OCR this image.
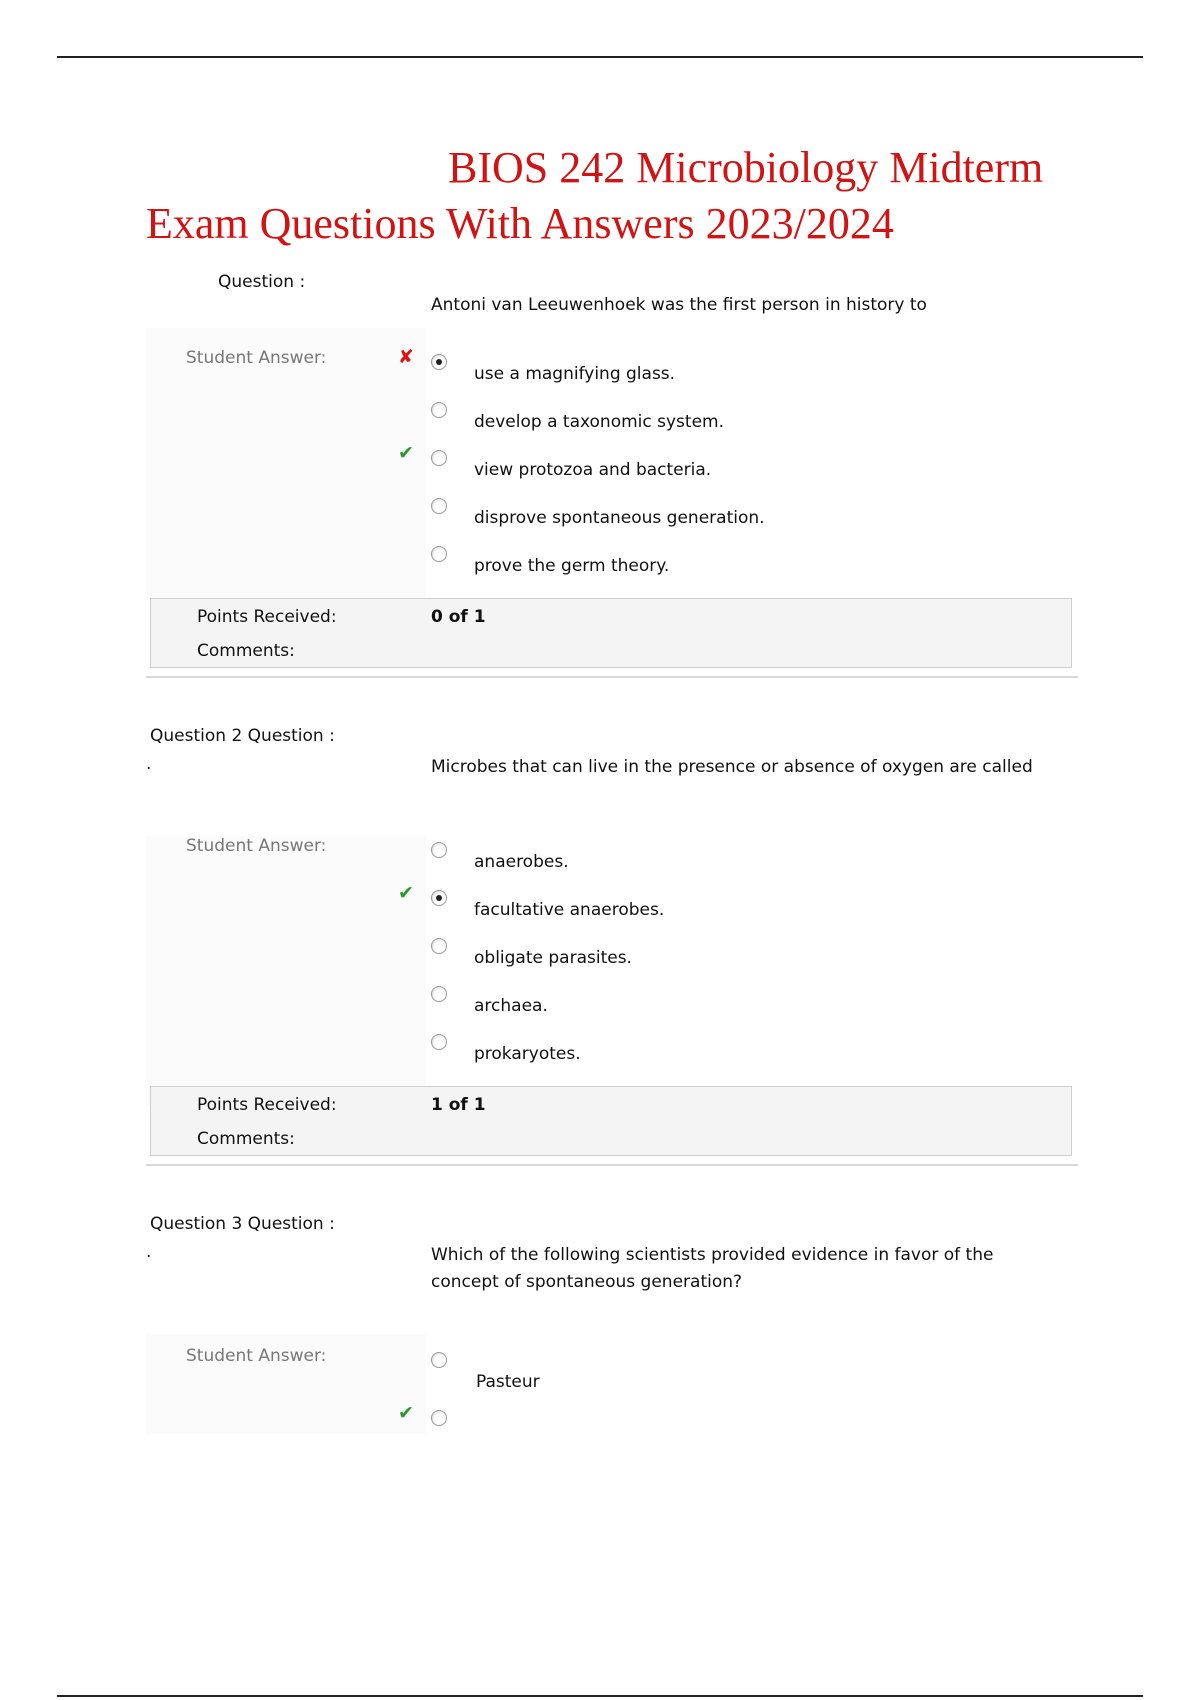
BIOS 242 Microbiology Midterm
Exam Questions With Answers 2023/2024
Question :
Antoni van Leeuwenhoek was the first person in history to
Student Answer:	✘
use a magnifying glass.
develop a taxonomic system.
✔
view protozoa and bacteria.
disprove spontaneous generation.
prove the germ theory.
Points Received:	0 of 1
Comments:
Question 2 Question :
.	Microbes that can live in the presence or absence of oxygen are called
Student Answer:
anaerobes.
✔
facultative anaerobes.
obligate parasites.
archaea.
prokaryotes.
Points Received:	1 of 1
Comments:
Question 3 Question :
.	Which of the following scientists provided evidence in favor of the concept of spontaneous generation?
Student Answer:
Pasteur
✔
